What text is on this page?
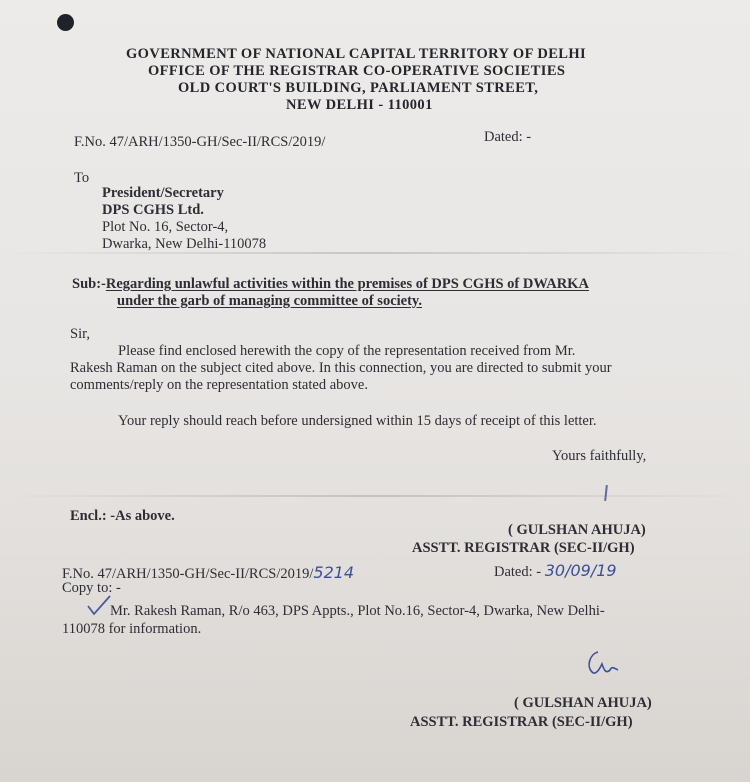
GOVERNMENT OF NATIONAL CAPITAL TERRITORY OF DELHI
OFFICE OF THE REGISTRAR CO-OPERATIVE SOCIETIES
OLD COURT'S BUILDING, PARLIAMENT STREET,
NEW DELHI - 110001
F.No. 47/ARH/1350-GH/Sec-II/RCS/2019/	Dated: -
To
President/Secretary
DPS CGHS Ltd.
Plot No. 16, Sector-4,
Dwarka, New Delhi-110078
Sub:-Regarding unlawful activities within the premises of DPS CGHS of DWARKA
under the garb of managing committee of society.
Sir,
Please find enclosed herewith the copy of the representation received from Mr.
Rakesh Raman on the subject cited above. In this connection, you are directed to submit your
comments/reply on the representation stated above.
Your reply should reach before undersigned within 15 days of receipt of this letter.
Yours faithfully,
Encl.: -As above.
( GULSHAN AHUJA)
ASSTT. REGISTRAR (SEC-II/GH)
F.No. 47/ARH/1350-GH/Sec-II/RCS/2019/5214	Dated: - 30/09/19
Copy to: -
Mr. Rakesh Raman, R/o 463, DPS Appts., Plot No.16, Sector-4, Dwarka, New Delhi-
110078 for information.
( GULSHAN AHUJA)
ASSTT. REGISTRAR (SEC-II/GH)
